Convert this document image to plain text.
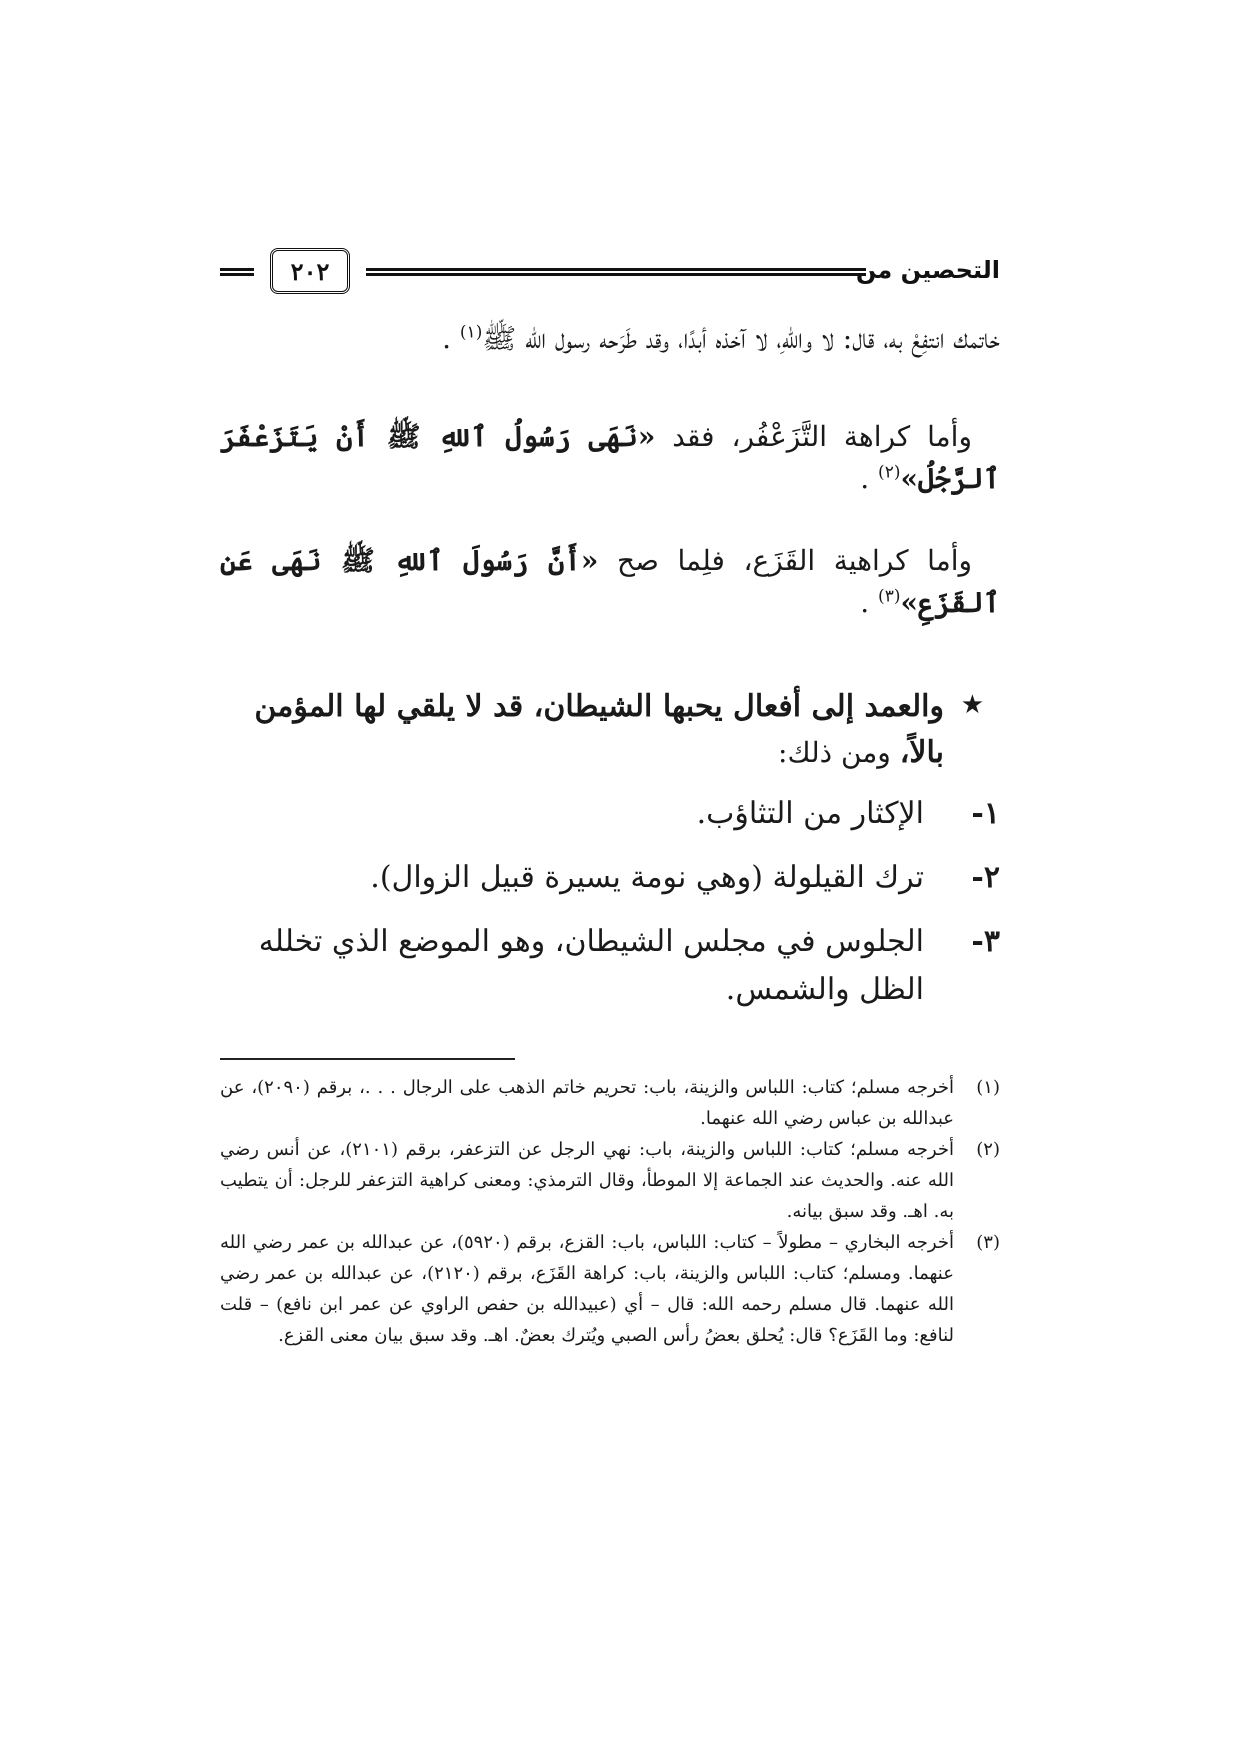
التحصين من
٢٠٢
خاتمك انتفِعْ به، قال: لا واللهِ، لا آخذه أبدًا، وقد طَرَحه رسول الله ﷺ$^{(١)}$ .
وأما كراهة التَّزَعْفُر، فقد «نَهَى رَسُولُ ٱللهِ ﷺ أَنْ يَتَزَعْفَرَ ٱلرَّجُلُ»$^{(٢)}$ .
وأما كراهية القَزَع، فلِما صح «أَنَّ رَسُولَ ٱللهِ ﷺ نَهَى عَنِ ٱلقَزَعِ»$^{(٣)}$ .
★
والعمد إلى أفعال يحبها الشيطان، قد لا يلقي لها المؤمن بالاً، ومن ذلك:
١-
الإكثار من التثاؤب.
٢-
ترك القيلولة (وهي نومة يسيرة قبيل الزوال).
٣-
الجلوس في مجلس الشيطان، وهو الموضع الذي تخلله الظل والشمس.
(١)
أخرجه مسلم؛ كتاب: اللباس والزينة، باب: تحريم خاتم الذهب على الرجال . . .، برقم (٢٠٩٠)، عن عبدالله بن عباس رضي الله عنهما.
(٢)
أخرجه مسلم؛ كتاب: اللباس والزينة، باب: نهي الرجل عن التزعفر، برقم (٢١٠١)، عن أنس رضي الله عنه. والحديث عند الجماعة إلا الموطأ، وقال الترمذي: ومعنى كراهية التزعفر للرجل: أن يتطيب به. اهـ. وقد سبق بيانه.
(٣)
أخرجه البخاري – مطولاً – كتاب: اللباس، باب: القزع، برقم (٥٩٢٠)، عن عبدالله بن عمر رضي الله عنهما. ومسلم؛ كتاب: اللباس والزينة، باب: كراهة القَزَع، برقم (٢١٢٠)، عن عبدالله بن عمر رضي الله عنهما. قال مسلم رحمه الله: قال – أي (عبيدالله بن حفص الراوي عن عمر ابن نافع) – قلت لنافع: وما القَزَع؟ قال: يُحلق بعضُ رأس الصبي ويُترك بعضٌ. اهـ. وقد سبق بيان معنى القزع.
